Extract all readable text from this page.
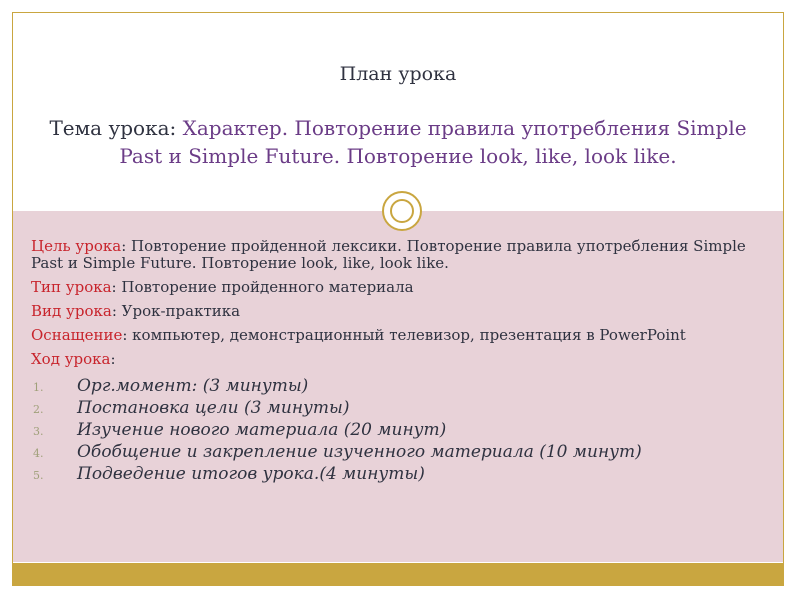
План урока

Тема урока: Характер. Повторение правила употребления Simple Past и Simple Future. Повторение look, like, look like.

Цель урока: Повторение пройденной лексики. Повторение правила употребления Simple Past и Simple Future. Повторение look, like, look like.

Тип урока: Повторение пройденного материала

Вид урока: Урок-практика

Оснащение: компьютер, демонстрационный телевизор, презентация в PowerPoint

Ход урока:

1.	Орг.момент: (3 минуты)
2.	Постановка цели (3 минуты)
3.	Изучение нового материала (20 минут)
4.	Обобщение и закрепление изученного материала (10 минут)
5.	Подведение итогов урока.(4 минуты)
